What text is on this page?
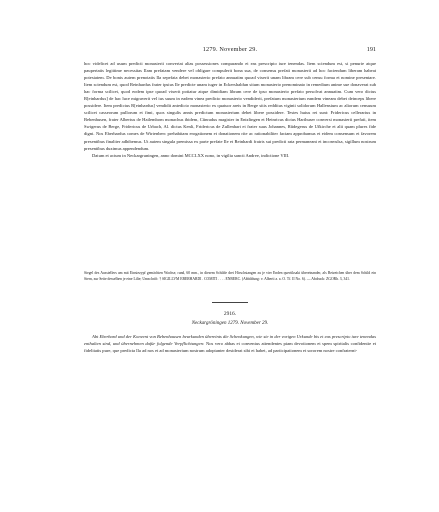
1279. November 29.	191

hoc videlicet ad usum predicti monasterii convertat alias possessiones comparando ei eas prescripto iure tenendas. Item sciendum est, si penurie atque paupertatis legittime necessitas Ilam prefatam vendere vel obligare compulerit bona sua, de consensu prefati monasterii ad hoc faciendum liberam habeat potestatem. De bonis autem prenotatis Ila sepefata debet monasterio prefato annuatim quoad vixerit unam libram cere sub censu forma et nomine presentare. Item sciendum est, quod Reinhardus frater ipsius Ile predicte unam iuger in Eckershaldun situm monasterio prenominato in remedium anime sue donaverat sub hac forma scilicet, quod eodem ipse quoad vixerit potiatur atque dimidiam libram cere de ipso monasterio prefato persolvat annuatim. Cum vero dictus R[einhardus] de hac luce migraverit vel ius suum in eadem vinea predicto monasterio vendiderit, prefatum monasterium eandem vineam debet deinceps libere possidere. Item predictus R[einhardus] vendidit antedicto monasterio ex quatuor areis in Berge sitis redditus viginti solidorum Hallensium ac aliorum censuum scilicet casseorum pullorum et fimi, quos singulis annis predictum monasterium debet libere possidere. Testes huius rei sunt: Fridericus cellerarius in Bebenhusen, frater Albertus de Hailembom monachus ibidem, Cûnradus magister in Entzlingen et Heinricus dictus Harthuser conversi monasterii prefati, item Swigerus de Berge, Fridericus de Urbach, Al. dictus Kenli, Fridericus de Zullenhart et frater suus Johannes, Rûdegerus de Ufkirche et alii quam plures fide digni. Nos Eberhardus comes de Wirtenberc prehabitam erogationem et donationem rite ac rationabiliter factam approbamus et eidem consensum et favorem presentibus finaliter adhibemus. Ut autem singula premissa ex parte prefate Ile et Reinhardi fratris sui predicti rata permaneant et inconvulsa, sigillum nostrum presentibus duximus appendendum.

Datum et actum in Neckargruningen, anno domini MCCLXX nono, in vigilia sancti Andree, indictione VIII.

Siegel des Ausstellers am mit Einsiezypf gemächten Wachse, rund, 60 mm., in diesem Schilde drei Hirschstangen zu je vier Enden quertiksakt übereinander, als Beizeichen über dem Schild ein Stern, zur Seite desselben je eine Lilie; Umschrift: † SIGILLVM EBERHARDI . COMITI . . . . ENBERC. (Abbildung: v. Alberti a. a. O. Tf. II No. 6). — Abdruck: ZGORh. 3, 341.
2916.
Neckargröningen 1279. November 29.

Abt Eberhard und der Konvent von Bebenhausen beurkunden übereints die Schenkungen, wie sie in der vorigen Urkunde bis et eas prescripto iure tenendas enthalten sind, und übernehmen dafür folgende Verpflichtungen: Nos vero abbas et conventus attendentes piam devotionem et spem spiritalis confidentie et fidelitatis pure, que predicta Ila ad nos et ad monasterium nostrum adoptanter desiderat sibi et habet, ad participationem et sororem nostre confraterni-
